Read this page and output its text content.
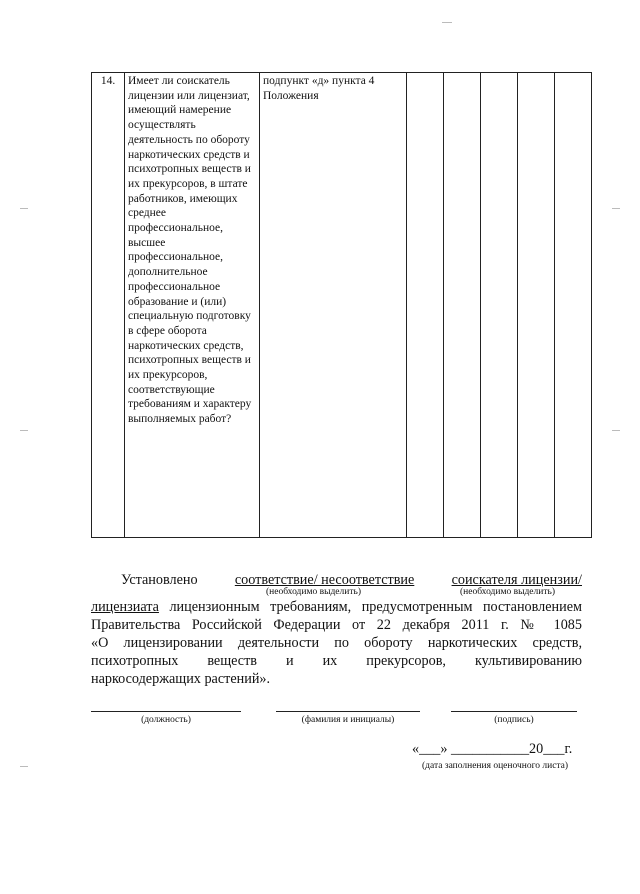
14.	Имеет ли соискатель лицензии или лицензиат, имеющий намерение осуществлять деятельность по обороту наркотических средств и психотропных веществ и их прекурсоров, в штате работников, имеющих среднее профессиональное, высшее профессиональное, дополнительное профессиональное образование и (или) специальную подготовку в сфере оборота наркотических средств, психотропных веществ и их прекурсоров, соответствующие требованиям и характеру выполняемых работ?	подпункт «д» пункта 4 Положения					
Установлено	соответствие/ несоответствие	соискателя лицензии/
(необходимо выделить)	(необходимо выделить)
лицензиата лицензионным требованиям, предусмотренным постановлением
Правительства Российской Федерации от 22 декабря 2011 г. № 1085
«О лицензировании деятельности по обороту наркотических средств,
психотропных веществ и их прекурсоров, культивированию
наркосодержащих растений».
(должность)	(фамилия и инициалы)	(подпись)
«___» ___________20___г.
(дата заполнения оценочного листа)
